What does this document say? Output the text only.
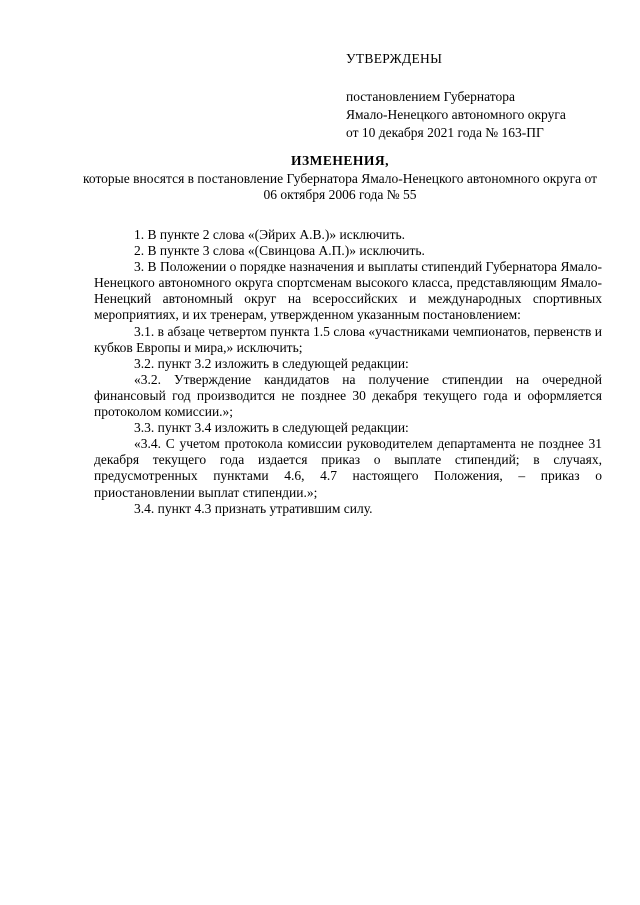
УТВЕРЖДЕНЫ
постановлением Губернатора
Ямало-Ненецкого автономного округа
от 10 декабря 2021 года № 163-ПГ
ИЗМЕНЕНИЯ,
которые вносятся в постановление Губернатора Ямало-Ненецкого автономного округа от 06 октября 2006 года № 55

1. В пункте 2 слова «(Эйрих А.В.)» исключить.

2. В пункте 3 слова «(Свинцова А.П.)» исключить.

3. В Положении о порядке назначения и выплаты стипендий Губернатора Ямало-Ненецкого автономного округа спортсменам высокого класса, представляющим Ямало-Ненецкий автономный округ на всероссийских и международных спортивных мероприятиях, и их тренерам, утвержденном указанным постановлением:

3.1. в абзаце четвертом пункта 1.5 слова «участниками чемпионатов, первенств и кубков Европы и мира,» исключить;

3.2. пункт 3.2 изложить в следующей редакции:

«3.2. Утверждение кандидатов на получение стипендии на очередной финансовый год производится не позднее 30 декабря текущего года и оформляется протоколом комиссии.»;

3.3. пункт 3.4 изложить в следующей редакции:

«3.4. С учетом протокола комиссии руководителем департамента не позднее 31 декабря текущего года издается приказ о выплате стипендий; в случаях, предусмотренных пунктами 4.6, 4.7 настоящего Положения, – приказ о приостановлении выплат стипендии.»;

3.4. пункт 4.3 признать утратившим силу.
